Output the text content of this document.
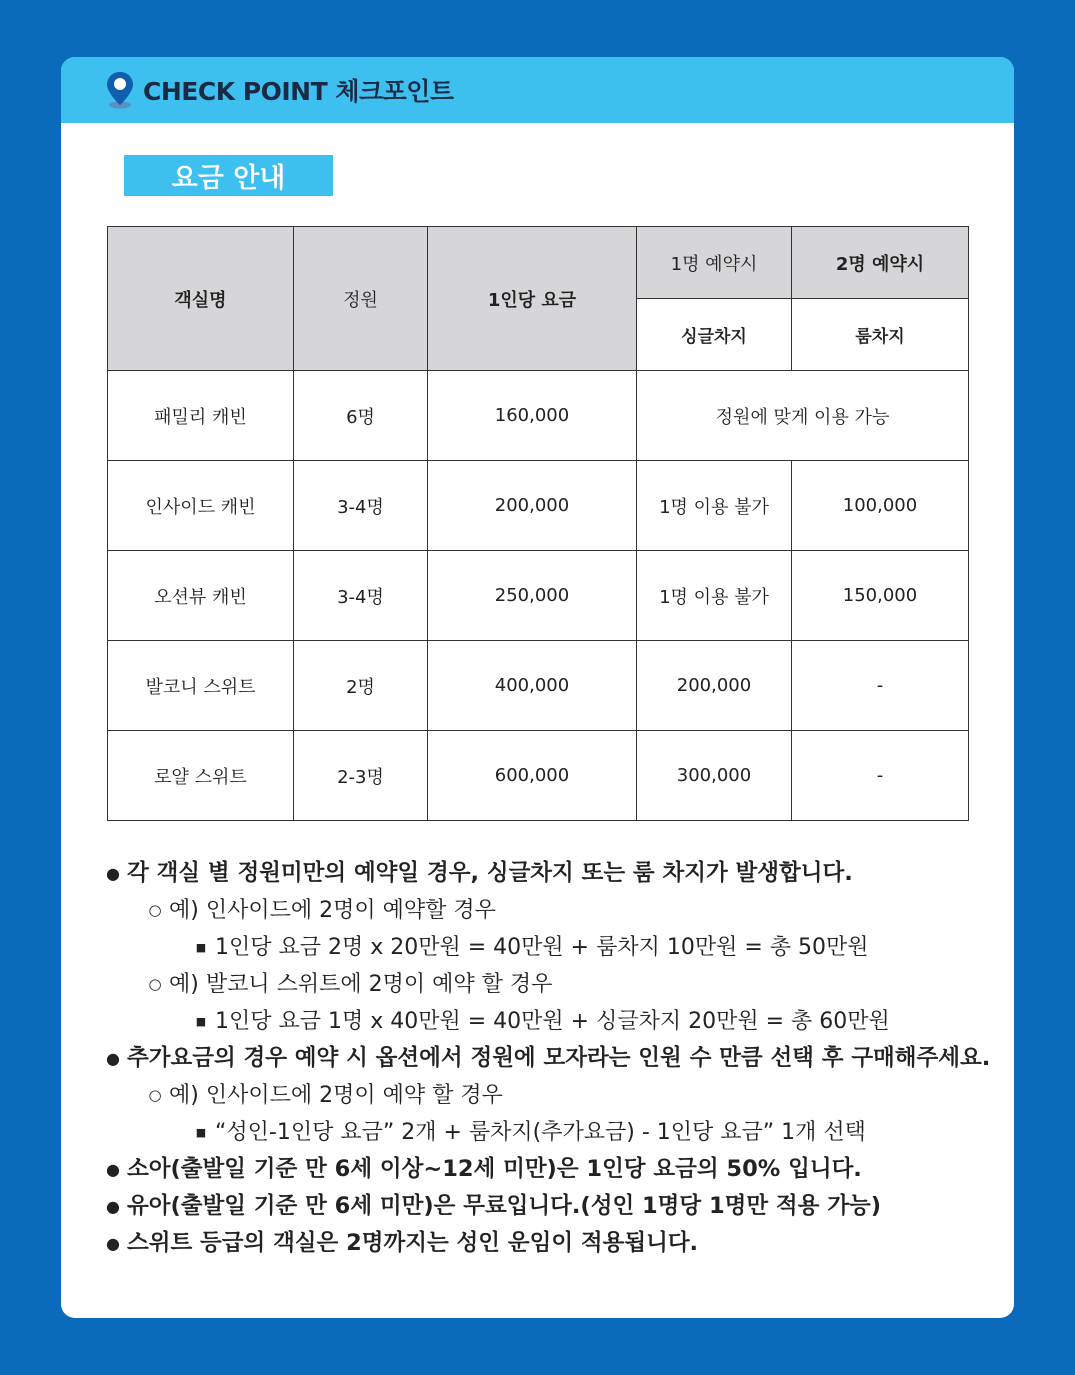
CHECK POINT 체크포인트
요금 안내
객실명	정원	1인당 요금	1명 예약시	2명 예약시
			싱글차지	룸차지
패밀리 캐빈	6명	160,000	정원에 맞게 이용 가능	
인사이드 캐빈	3-4명	200,000	1명 이용 불가	100,000
오션뷰 캐빈	3-4명	250,000	1명 이용 불가	150,000
발코니 스위트	2명	400,000	200,000	-
로얄 스위트	2-3명	600,000	300,000	-
● 각 객실 별 정원미만의 예약일 경우, 싱글차지 또는 룸 차지가 발생합니다.
○ 예) 인사이드에 2명이 예약할 경우
■ 1인당 요금 2명 x 20만원 = 40만원 + 룸차지 10만원 = 총 50만원
○ 예) 발코니 스위트에 2명이 예약 할 경우
■ 1인당 요금 1명 x 40만원 = 40만원 + 싱글차지 20만원 = 총 60만원
● 추가요금의 경우 예약 시 옵션에서 정원에 모자라는 인원 수 만큼 선택 후 구매해주세요.
○ 예) 인사이드에 2명이 예약 할 경우
■ “성인-1인당 요금” 2개 + 룸차지(추가요금) - 1인당 요금” 1개 선택
● 소아(출발일 기준 만 6세 이상~12세 미만)은 1인당 요금의 50% 입니다.
● 유아(출발일 기준 만 6세 미만)은 무료입니다.(성인 1명당 1명만 적용 가능)
● 스위트 등급의 객실은 2명까지는 성인 운임이 적용됩니다.
